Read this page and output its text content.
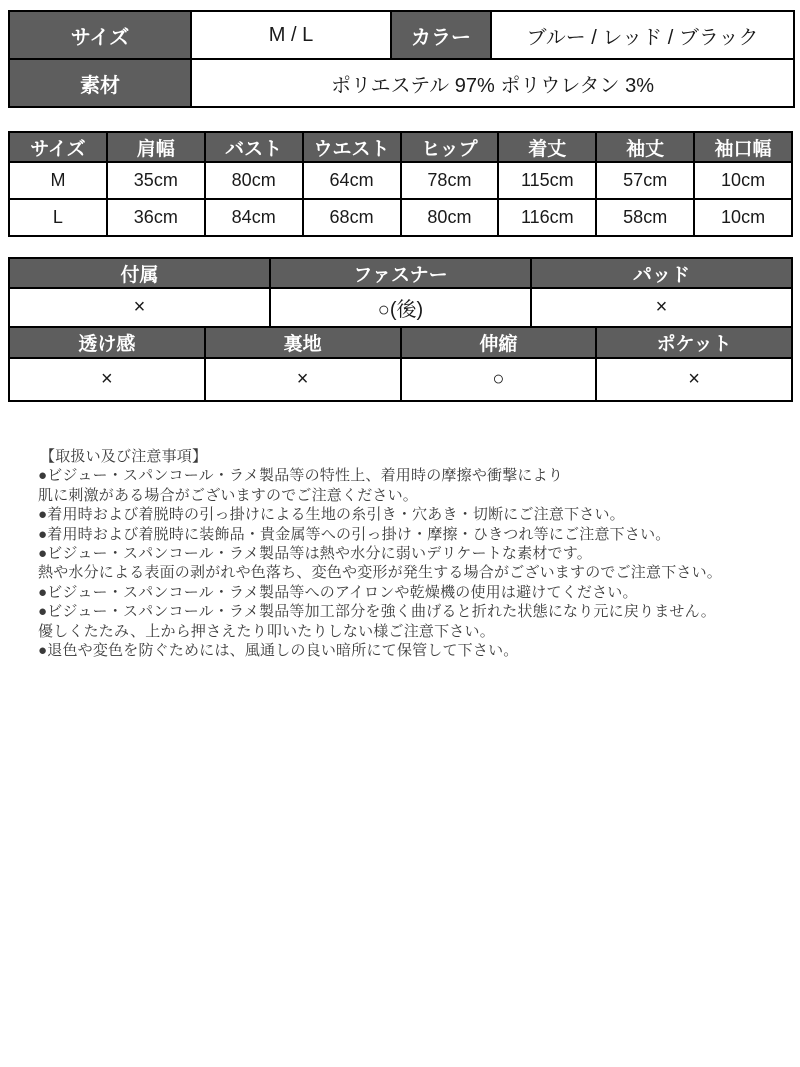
サイズ	M / L	カラー	ブルー / レッド / ブラック
素材	ポリエステル 97% ポリウレタン 3%		
サイズ	肩幅	バスト	ウエスト	ヒップ	着丈	袖丈	袖口幅
M	35cm	80cm	64cm	78cm	115cm	57cm	10cm
L	36cm	84cm	68cm	80cm	116cm	58cm	10cm
付属	ファスナー	パッド
×	○(後)	×
透け感	裏地	伸縮	ポケット
×	×	○	×
【取扱い及び注意事項】
●ビジュー・スパンコール・ラメ製品等の特性上、着用時の摩擦や衝撃により
肌に刺激がある場合がございますのでご注意ください。
●着用時および着脱時の引っ掛けによる生地の糸引き・穴あき・切断にご注意下さい。
●着用時および着脱時に装飾品・貴金属等への引っ掛け・摩擦・ひきつれ等にご注意下さい。
●ビジュー・スパンコール・ラメ製品等は熱や水分に弱いデリケートな素材です。
熱や水分による表面の剥がれや色落ち、変色や変形が発生する場合がございますのでご注意下さい。
●ビジュー・スパンコール・ラメ製品等へのアイロンや乾燥機の使用は避けてください。
●ビジュー・スパンコール・ラメ製品等加工部分を強く曲げると折れた状態になり元に戻りません。
優しくたたみ、上から押さえたり叩いたりしない様ご注意下さい。
●退色や変色を防ぐためには、風通しの良い暗所にて保管して下さい。
